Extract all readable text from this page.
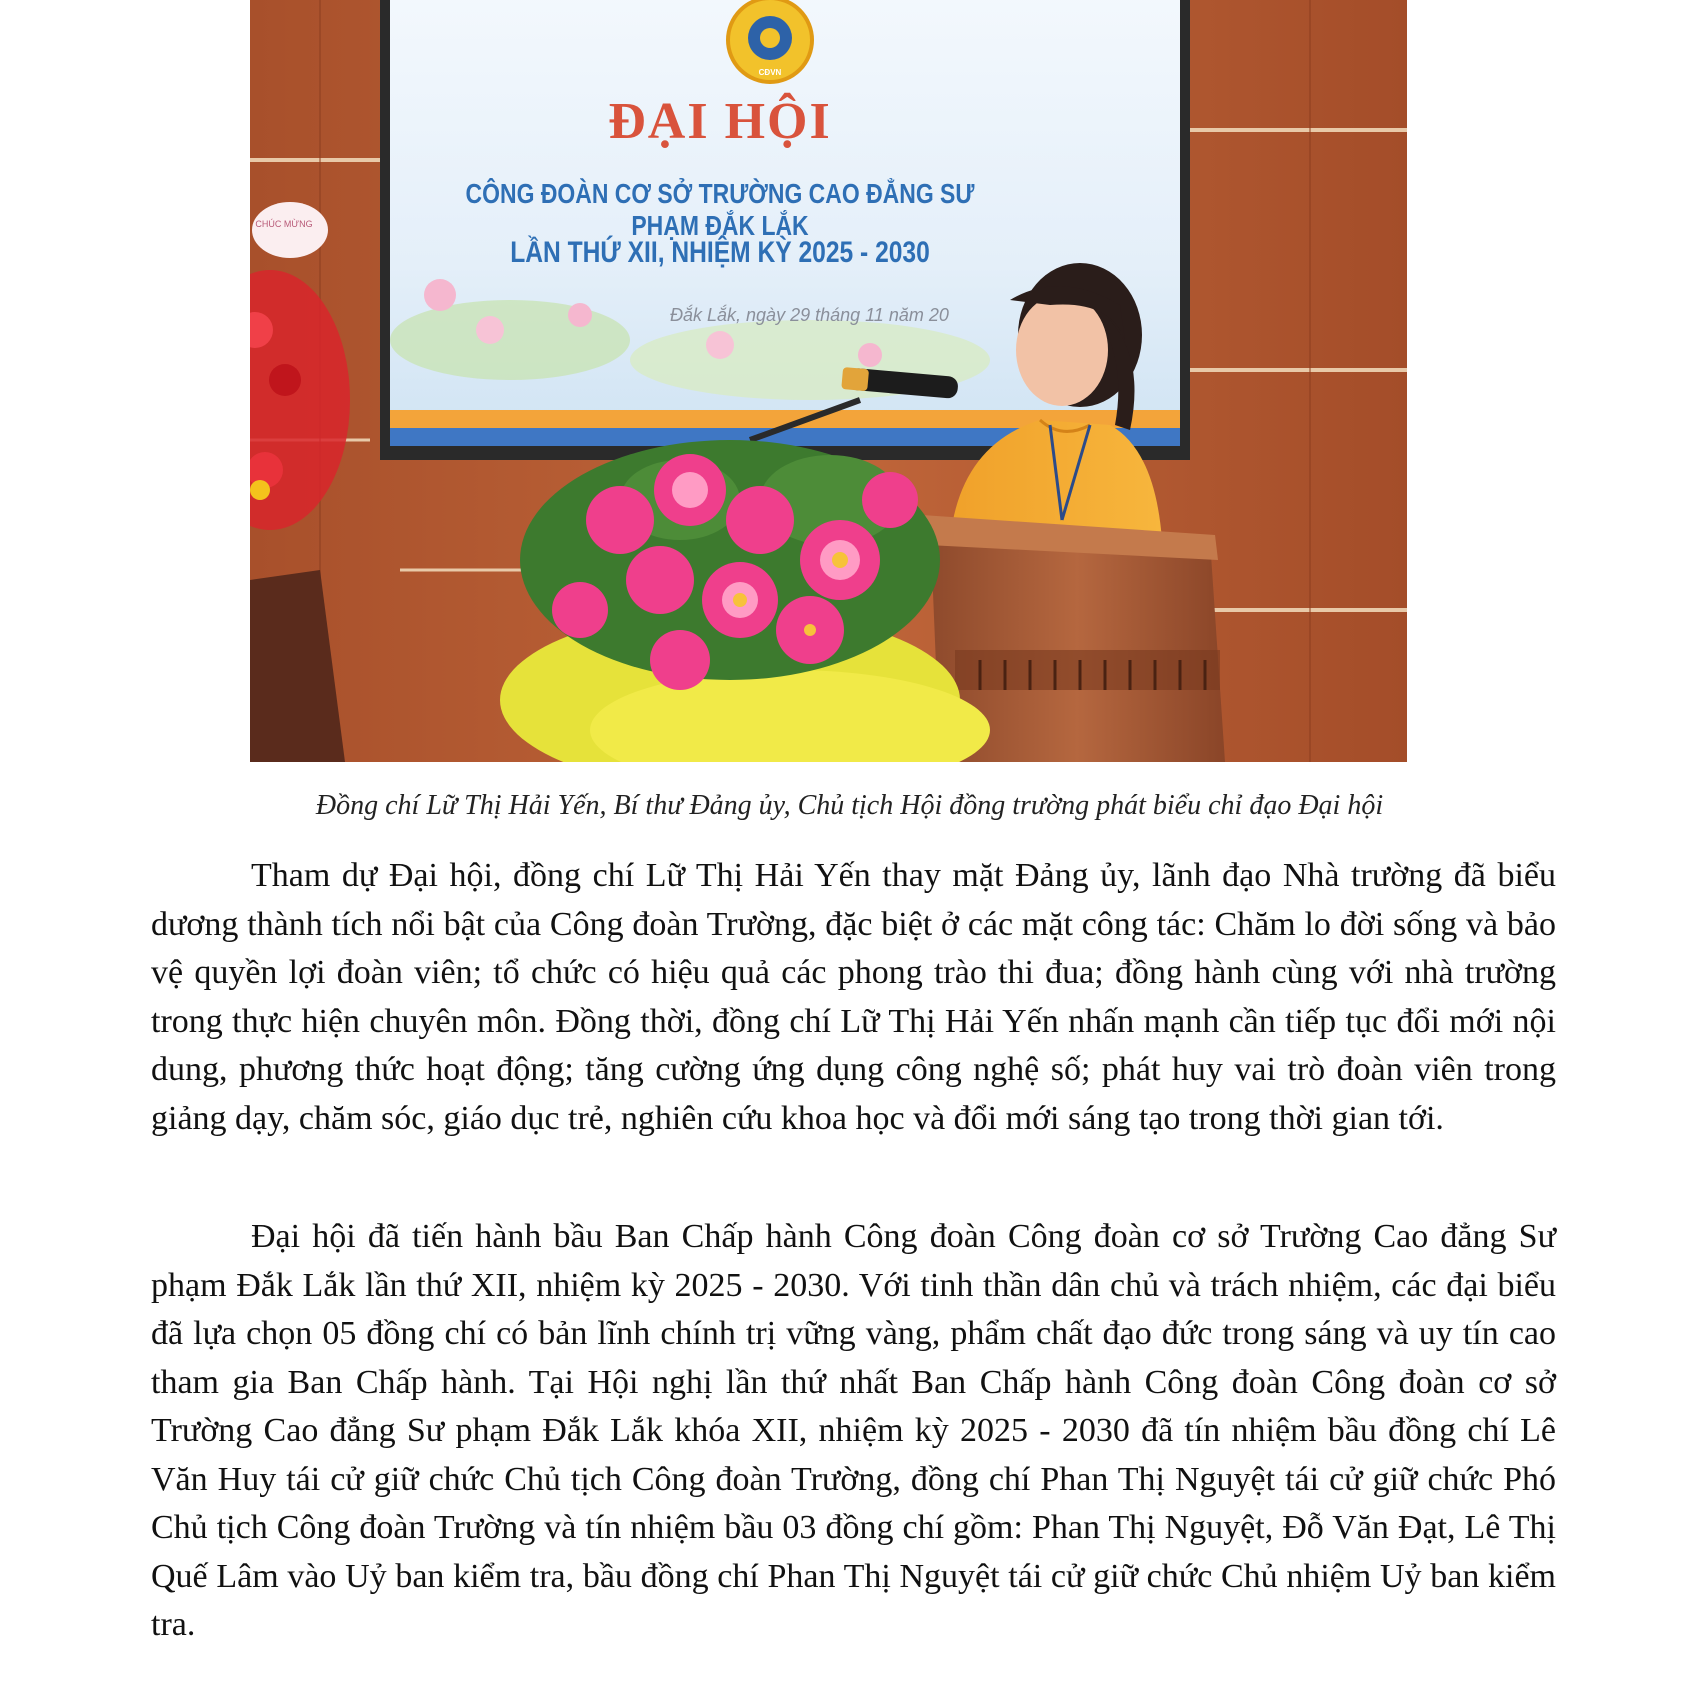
ĐẠI HỘI
CÔNG ĐOÀN CƠ SỞ TRƯỜNG CAO ĐẲNG SƯ PHẠM ĐẮK LẮK
LẦN THỨ XII, NHIỆM KỲ 2025 - 2030
Đắk Lắk, ngày 29 tháng 11 năm 20
CĐVN
CHÚC MỪNG
Đồng chí Lữ Thị Hải Yến, Bí thư Đảng ủy, Chủ tịch Hội đồng trường phát biểu chỉ đạo Đại hội

Tham dự Đại hội, đồng chí Lữ Thị Hải Yến thay mặt Đảng ủy, lãnh đạo Nhà trường đã biểu dương thành tích nổi bật của Công đoàn Trường, đặc biệt ở các mặt công tác: Chăm lo đời sống và bảo vệ quyền lợi đoàn viên; tổ chức có hiệu quả các phong trào thi đua; đồng hành cùng với nhà trường trong thực hiện chuyên môn. Đồng thời, đồng chí Lữ Thị Hải Yến nhấn mạnh cần tiếp tục đổi mới nội dung, phương thức hoạt động; tăng cường ứng dụng công nghệ số; phát huy vai trò đoàn viên trong giảng dạy, chăm sóc, giáo dục trẻ, nghiên cứu khoa học và đổi mới sáng tạo trong thời gian tới.

Đại hội đã tiến hành bầu Ban Chấp hành Công đoàn Công đoàn cơ sở Trường Cao đẳng Sư phạm Đắk Lắk lần thứ XII, nhiệm kỳ 2025 - 2030. Với tinh thần dân chủ và trách nhiệm, các đại biểu đã lựa chọn 05 đồng chí có bản lĩnh chính trị vững vàng, phẩm chất đạo đức trong sáng và uy tín cao tham gia Ban Chấp hành. Tại Hội nghị lần thứ nhất Ban Chấp hành Công đoàn Công đoàn cơ sở Trường Cao đẳng Sư phạm Đắk Lắk khóa XII, nhiệm kỳ 2025 - 2030 đã tín nhiệm bầu đồng chí Lê Văn Huy tái cử giữ chức Chủ tịch Công đoàn Trường, đồng chí Phan Thị Nguyệt tái cử giữ chức Phó Chủ tịch Công đoàn Trường và tín nhiệm bầu 03 đồng chí gồm: Phan Thị Nguyệt, Đỗ Văn Đạt, Lê Thị Quế Lâm vào Uỷ ban kiểm tra, bầu đồng chí Phan Thị Nguyệt tái cử giữ chức Chủ nhiệm Uỷ ban kiểm tra.
